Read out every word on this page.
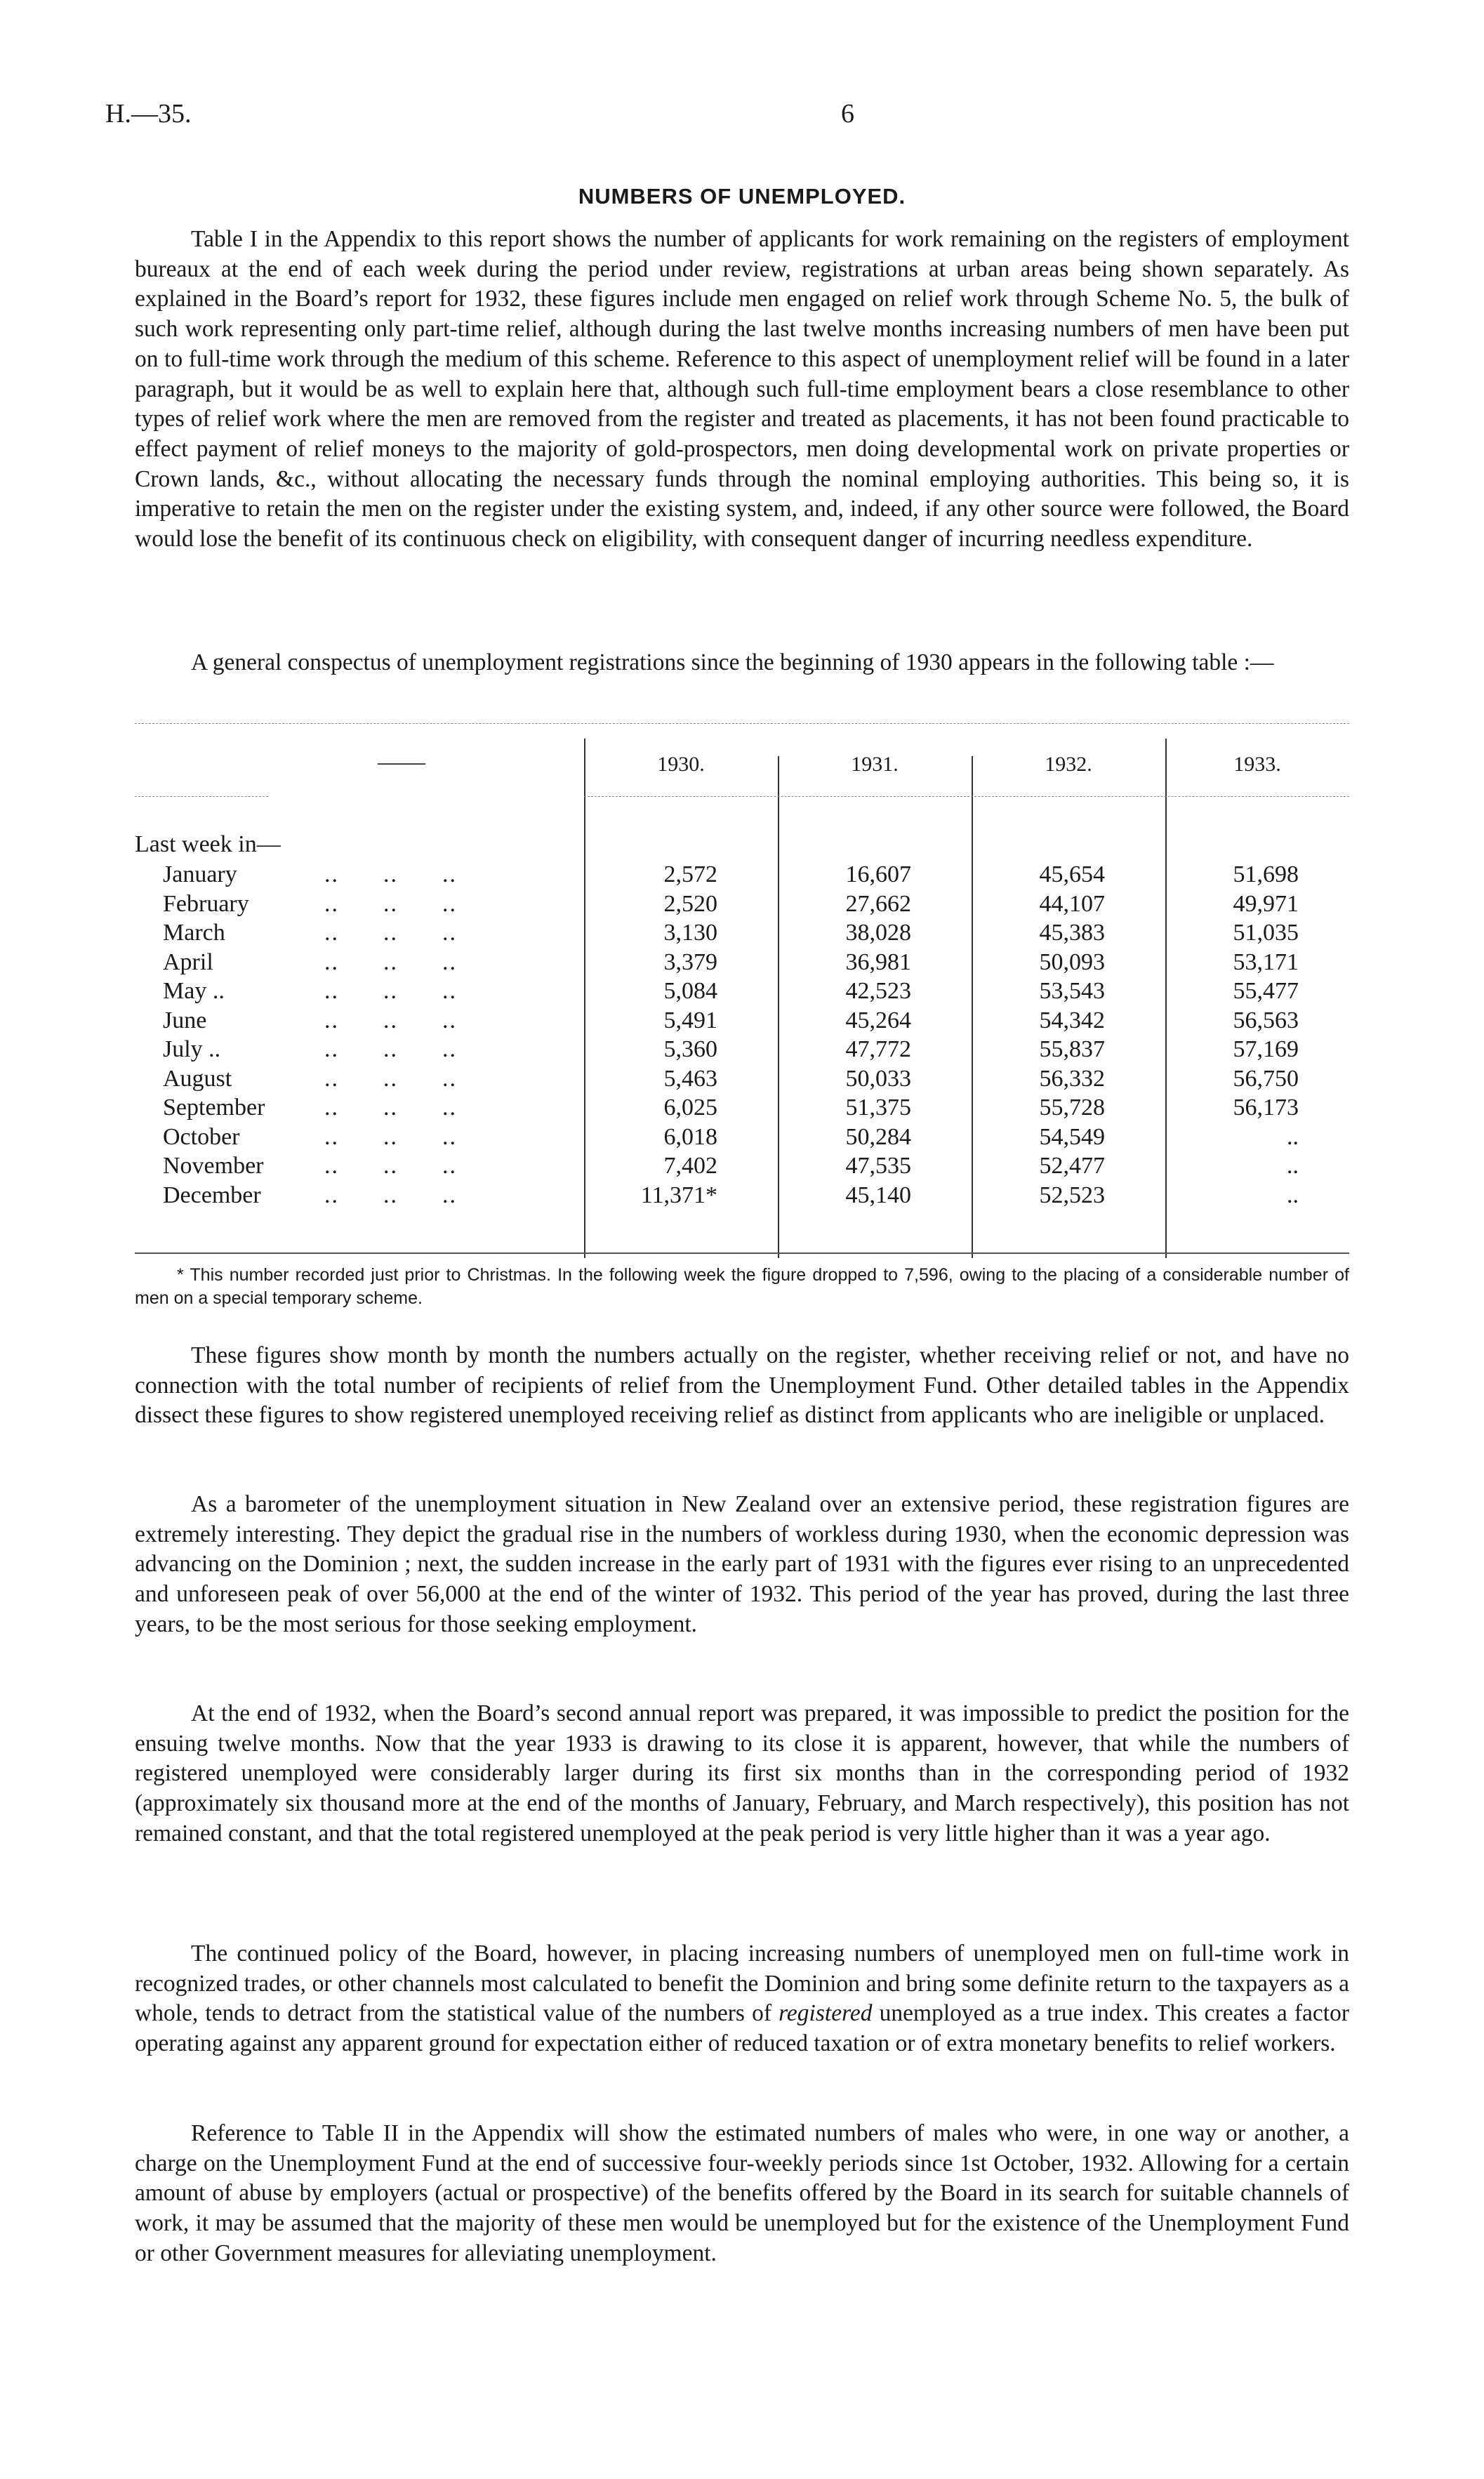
H.—35.	6
NUMBERS OF UNEMPLOYED.

Table I in the Appendix to this report shows the number of applicants for work remaining on the registers of employment bureaux at the end of each week during the period under review, registrations at urban areas being shown separately. As explained in the Board’s report for 1932, these figures include men engaged on relief work through Scheme No. 5, the bulk of such work representing only part-time relief, although during the last twelve months increasing numbers of men have been put on to full-time work through the medium of this scheme. Reference to this aspect of unemployment relief will be found in a later paragraph, but it would be as well to explain here that, although such full-time employment bears a close resemblance to other types of relief work where the men are removed from the register and treated as placements, it has not been found practicable to effect payment of relief moneys to the majority of gold-prospectors, men doing developmental work on private properties or Crown lands, &c., without allocating the necessary funds through the nominal employing authorities. This being so, it is imperative to retain the men on the register under the existing system, and, indeed, if any other source were followed, the Board would lose the benefit of its continuous check on eligibility, with consequent danger of incurring needless expenditure.

A general conspectus of unemployment registrations since the beginning of 1930 appears in the following table :—

——	1930.	1931.	1932.	1933.
Last week in—
January	..      ..      ..	2,572	16,607	45,654	51,698
February	..      ..      ..	2,520	27,662	44,107	49,971
March	..      ..      ..	3,130	38,028	45,383	51,035
April	..      ..      ..	3,379	36,981	50,093	53,171
May ..	..      ..      ..	5,084	42,523	53,543	55,477
June	..      ..      ..	5,491	45,264	54,342	56,563
July ..	..      ..      ..	5,360	47,772	55,837	57,169
August	..      ..      ..	5,463	50,033	56,332	56,750
September ..      ..      ..	6,025	51,375	55,728	56,173
October	..      ..      ..	6,018	50,284	54,549	..
November	..      ..      ..	7,402	47,535	52,477	..
December	..      ..      ..	11,371*	45,140	52,523	..

* This number recorded just prior to Christmas. In the following week the figure dropped to 7,596, owing to the placing of a considerable number of men on a special temporary scheme.

These figures show month by month the numbers actually on the register, whether receiving relief or not, and have no connection with the total number of recipients of relief from the Unemployment Fund. Other detailed tables in the Appendix dissect these figures to show registered unemployed receiving relief as distinct from applicants who are ineligible or unplaced.

As a barometer of the unemployment situation in New Zealand over an extensive period, these registration figures are extremely interesting. They depict the gradual rise in the numbers of workless during 1930, when the economic depression was advancing on the Dominion ; next, the sudden increase in the early part of 1931 with the figures ever rising to an unprecedented and unforeseen peak of over 56,000 at the end of the winter of 1932. This period of the year has proved, during the last three years, to be the most serious for those seeking employment.

At the end of 1932, when the Board’s second annual report was prepared, it was impossible to predict the position for the ensuing twelve months. Now that the year 1933 is drawing to its close it is apparent, however, that while the numbers of registered unemployed were considerably larger during its first six months than in the corresponding period of 1932 (approximately six thousand more at the end of the months of January, February, and March respectively), this position has not remained constant, and that the total registered unemployed at the peak period is very little higher than it was a year ago.

The continued policy of the Board, however, in placing increasing numbers of unemployed men on full-time work in recognized trades, or other channels most calculated to benefit the Dominion and bring some definite return to the taxpayers as a whole, tends to detract from the statistical value of the numbers of registered unemployed as a true index. This creates a factor operating against any apparent ground for expectation either of reduced taxation or of extra monetary benefits to relief workers.

Reference to Table II in the Appendix will show the estimated numbers of males who were, in one way or another, a charge on the Unemployment Fund at the end of successive four-weekly periods since 1st October, 1932. Allowing for a certain amount of abuse by employers (actual or prospective) of the benefits offered by the Board in its search for suitable channels of work, it may be assumed that the majority of these men would be unemployed but for the existence of the Unemployment Fund or other Government measures for alleviating unemployment.
